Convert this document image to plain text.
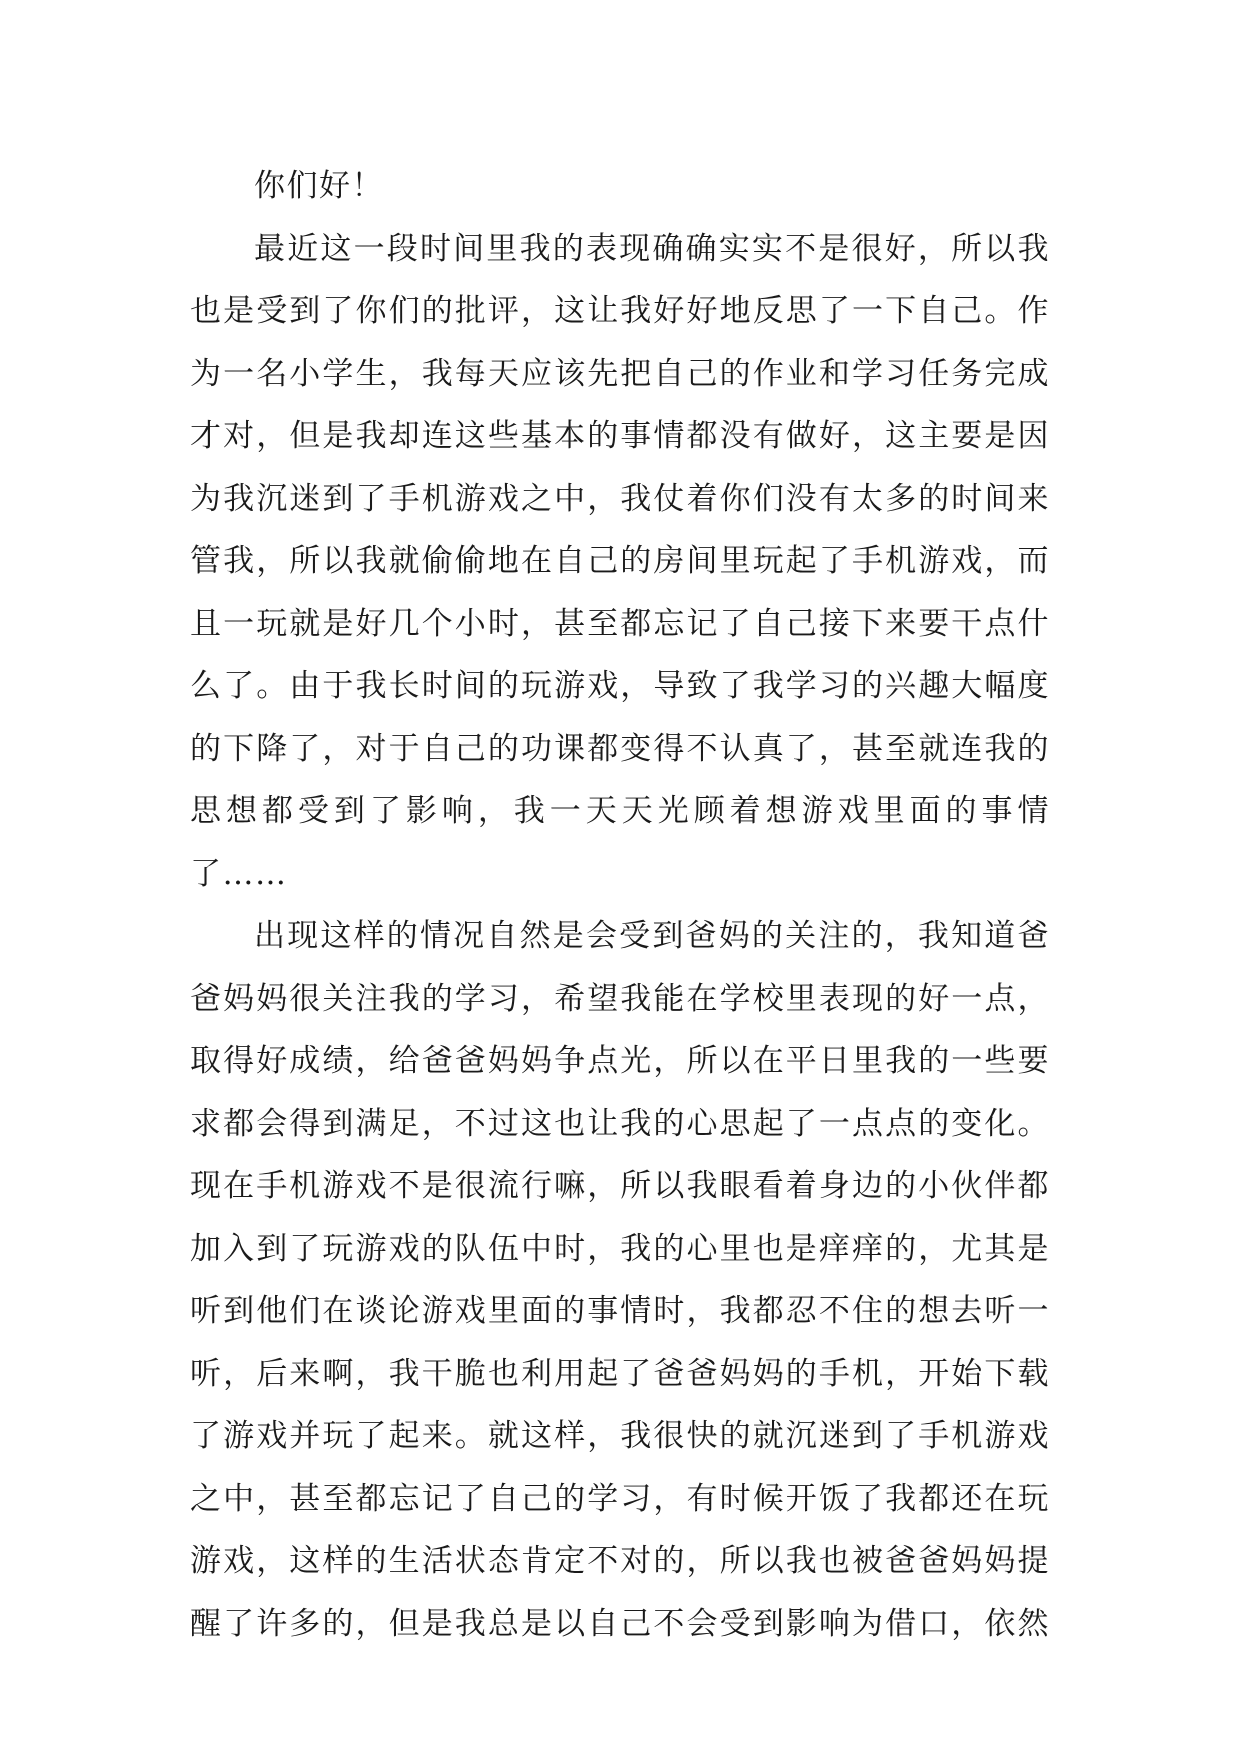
你们好！
最近这一段时间里我的表现确确实实不是很好，所以我
也是受到了你们的批评，这让我好好地反思了一下自己。作
为一名小学生，我每天应该先把自己的作业和学习任务完成
才对，但是我却连这些基本的事情都没有做好，这主要是因
为我沉迷到了手机游戏之中，我仗着你们没有太多的时间来
管我，所以我就偷偷地在自己的房间里玩起了手机游戏，而
且一玩就是好几个小时，甚至都忘记了自己接下来要干点什
么了。由于我长时间的玩游戏，导致了我学习的兴趣大幅度
的下降了，对于自己的功课都变得不认真了，甚至就连我的
思想都受到了影响，我一天天光顾着想游戏里面的事情
了……
出现这样的情况自然是会受到爸妈的关注的，我知道爸
爸妈妈很关注我的学习，希望我能在学校里表现的好一点，
取得好成绩，给爸爸妈妈争点光，所以在平日里我的一些要
求都会得到满足，不过这也让我的心思起了一点点的变化。
现在手机游戏不是很流行嘛，所以我眼看着身边的小伙伴都
加入到了玩游戏的队伍中时，我的心里也是痒痒的，尤其是
听到他们在谈论游戏里面的事情时，我都忍不住的想去听一
听，后来啊，我干脆也利用起了爸爸妈妈的手机，开始下载
了游戏并玩了起来。就这样，我很快的就沉迷到了手机游戏
之中，甚至都忘记了自己的学习，有时候开饭了我都还在玩
游戏，这样的生活状态肯定不对的，所以我也被爸爸妈妈提
醒了许多的，但是我总是以自己不会受到影响为借口，依然
